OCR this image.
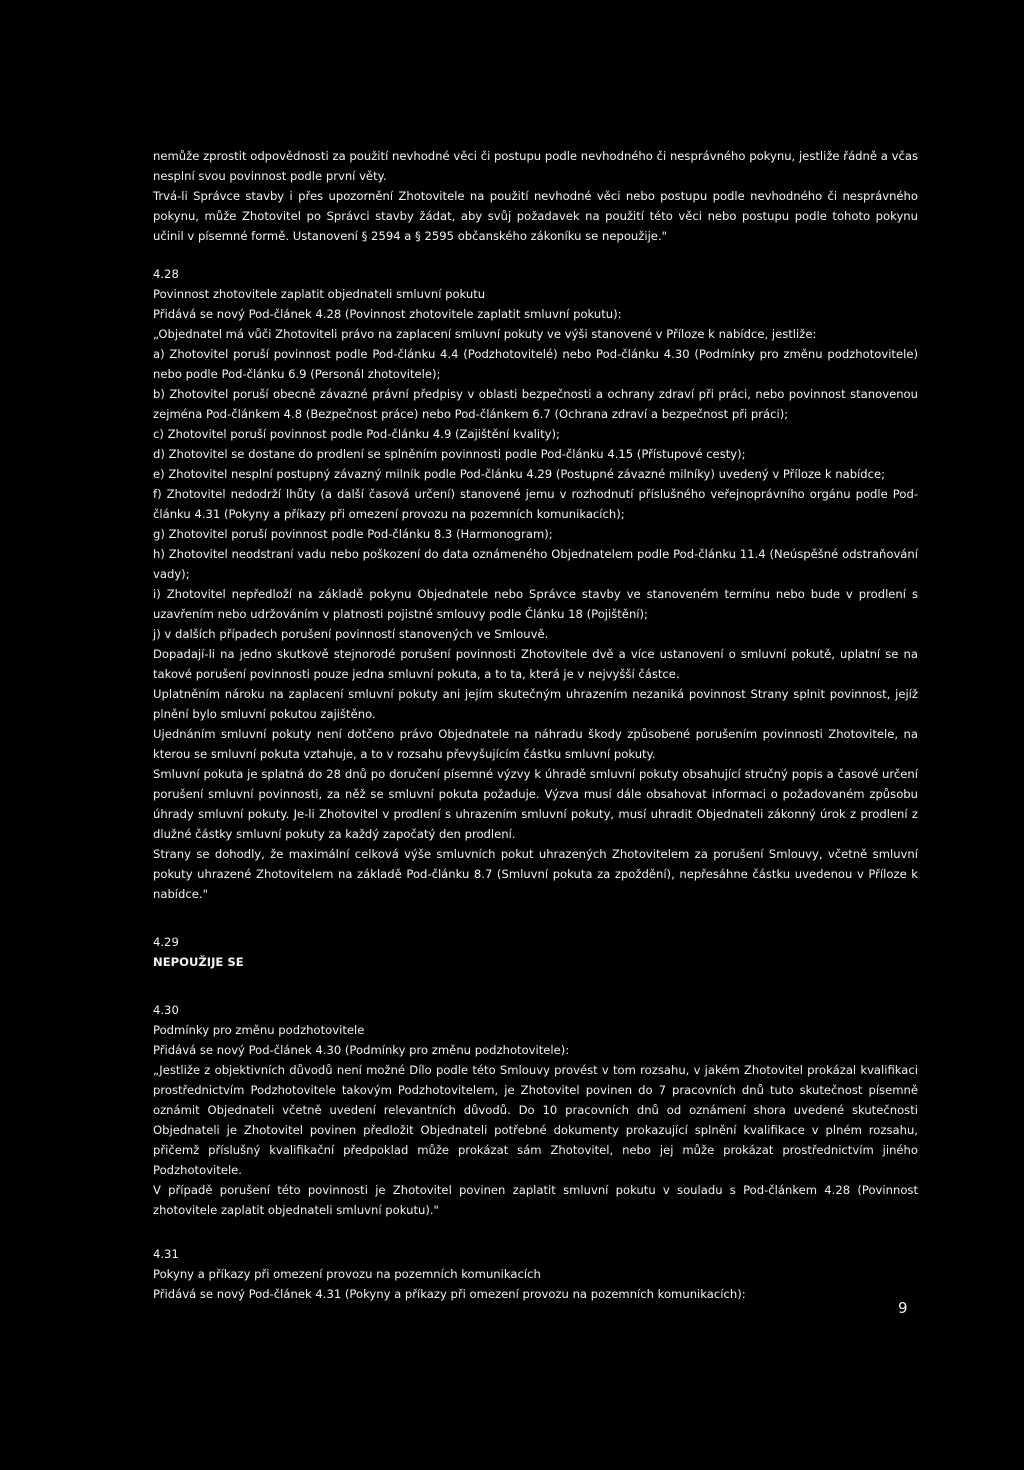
nemůže zprostit odpovědnosti za použití nevhodné věci či postupu podle nevhodného či nesprávného pokynu, jestliže řádně a včas nesplní svou povinnost podle první věty.

Trvá-li Správce stavby i přes upozornění Zhotovitele na použití nevhodné věci nebo postupu podle nevhodného či nesprávného pokynu, může Zhotovitel po Správci stavby žádat, aby svůj požadavek na použití této věci nebo postupu podle tohoto pokynu učinil v písemné formě. Ustanovení § 2594 a § 2595 občanského zákoníku se nepoužije."

4.28

Povinnost zhotovitele zaplatit objednateli smluvní pokutu

Přidává se nový Pod-článek 4.28 (Povinnost zhotovitele zaplatit smluvní pokutu):

„Objednatel má vůči Zhotoviteli právo na zaplacení smluvní pokuty ve výši stanovené v Příloze k nabídce, jestliže:

a) Zhotovitel poruší povinnost podle Pod-článku 4.4 (Podzhotovitelé) nebo Pod-článku 4.30 (Podmínky pro změnu podzhotovitele) nebo podle Pod-článku 6.9 (Personál zhotovitele);

b) Zhotovitel poruší obecně závazné právní předpisy v oblasti bezpečnosti a ochrany zdraví při práci, nebo povinnost stanovenou zejména Pod-článkem 4.8 (Bezpečnost práce) nebo Pod-článkem 6.7 (Ochrana zdraví a bezpečnost při práci);

c) Zhotovitel poruší povinnost podle Pod-článku 4.9 (Zajištění kvality);

d) Zhotovitel se dostane do prodlení se splněním povinnosti podle Pod-článku 4.15 (Přístupové cesty);

e) Zhotovitel nesplní postupný závazný milník podle Pod-článku 4.29 (Postupné závazné milníky) uvedený v Příloze k nabídce;

f) Zhotovitel nedodrží lhůty (a další časová určení) stanovené jemu v rozhodnutí příslušného veřejnoprávního orgánu podle Pod-článku 4.31 (Pokyny a příkazy při omezení provozu na pozemních komunikacích);

g) Zhotovitel poruší povinnost podle Pod-článku 8.3 (Harmonogram);

h) Zhotovitel neodstraní vadu nebo poškození do data oznámeného Objednatelem podle Pod-článku 11.4 (Neúspěšné odstraňování vady);

i) Zhotovitel nepředloží na základě pokynu Objednatele nebo Správce stavby ve stanoveném termínu nebo bude v prodlení s uzavřením nebo udržováním v platnosti pojistné smlouvy podle Článku 18 (Pojištění);

j) v dalších případech porušení povinností stanovených ve Smlouvě.

Dopadají-li na jedno skutkově stejnorodé porušení povinnosti Zhotovitele dvě a více ustanovení o smluvní pokutě, uplatní se na takové porušení povinnosti pouze jedna smluvní pokuta, a to ta, která je v nejvyšší částce.

Uplatněním nároku na zaplacení smluvní pokuty ani jejím skutečným uhrazením nezaniká povinnost Strany splnit povinnost, jejíž plnění bylo smluvní pokutou zajištěno.

Ujednáním smluvní pokuty není dotčeno právo Objednatele na náhradu škody způsobené porušením povinnosti Zhotovitele, na kterou se smluvní pokuta vztahuje, a to v rozsahu převyšujícím částku smluvní pokuty.

Smluvní pokuta je splatná do 28 dnů po doručení písemné výzvy k úhradě smluvní pokuty obsahující stručný popis a časové určení porušení smluvní povinnosti, za něž se smluvní pokuta požaduje. Výzva musí dále obsahovat informaci o požadovaném způsobu úhrady smluvní pokuty. Je-li Zhotovitel v prodlení s uhrazením smluvní pokuty, musí uhradit Objednateli zákonný úrok z prodlení z dlužné částky smluvní pokuty za každý započatý den prodlení.

Strany se dohodly, že maximální celková výše smluvních pokut uhrazených Zhotovitelem za porušení Smlouvy, včetně smluvní pokuty uhrazené Zhotovitelem na základě Pod-článku 8.7 (Smluvní pokuta za zpoždění), nepřesáhne částku uvedenou v Příloze k nabídce."

4.29

NEPOUŽIJE SE

4.30

Podmínky pro změnu podzhotovitele

Přidává se nový Pod-článek 4.30 (Podmínky pro změnu podzhotovitele):

„Jestliže z objektivních důvodů není možné Dílo podle této Smlouvy provést v tom rozsahu, v jakém Zhotovitel prokázal kvalifikaci prostřednictvím Podzhotovitele takovým Podzhotovitelem, je Zhotovitel povinen do 7 pracovních dnů tuto skutečnost písemně oznámit Objednateli včetně uvedení relevantních důvodů. Do 10 pracovních dnů od oznámení shora uvedené skutečnosti Objednateli je Zhotovitel povinen předložit Objednateli potřebné dokumenty prokazující splnění kvalifikace v plném rozsahu, přičemž příslušný kvalifikační předpoklad může prokázat sám Zhotovitel, nebo jej může prokázat prostřednictvím jiného Podzhotovitele.

V případě porušení této povinnosti je Zhotovitel povinen zaplatit smluvní pokutu v souladu s Pod-článkem 4.28 (Povinnost zhotovitele zaplatit objednateli smluvní pokutu)."

4.31

Pokyny a příkazy při omezení provozu na pozemních komunikacích

Přidává se nový Pod-článek 4.31 (Pokyny a příkazy při omezení provozu na pozemních komunikacích):

9
